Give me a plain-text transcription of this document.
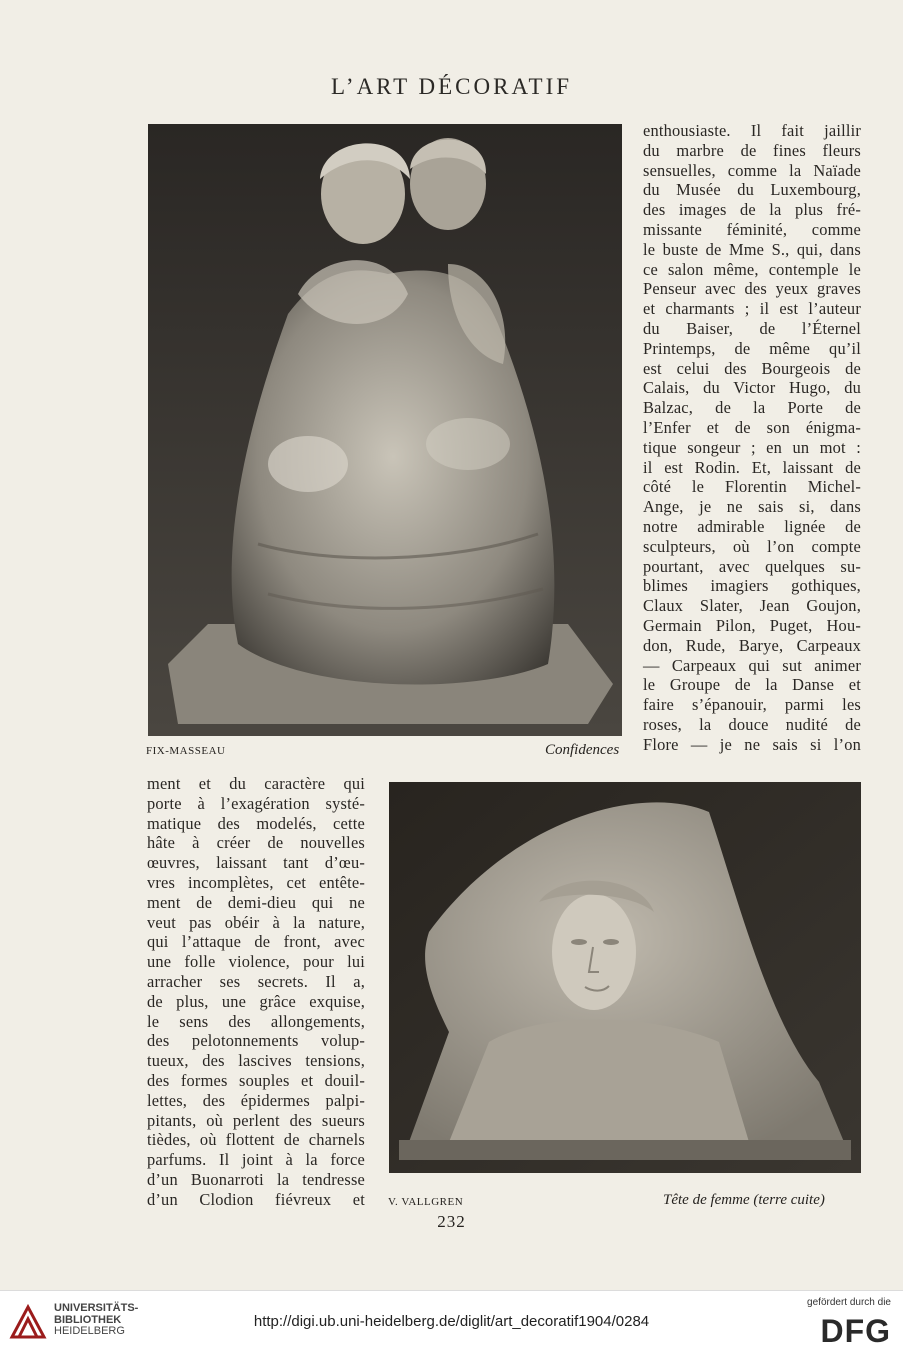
L’ART DÉCORATIF
FIX-MASSEAU	Confidences
enthousiaste. Il fait jaillir
du marbre de fines fleurs
sensuelles, comme la Naïade
du Musée du Luxembourg,
des images de la plus fré-
missante féminité, comme
le buste de Mme S., qui, dans
ce salon même, contemple le
Penseur avec des yeux graves
et charmants ; il est l’auteur
du Baiser, de l’Éternel
Printemps, de même qu’il
est celui des Bourgeois de
Calais, du Victor Hugo, du
Balzac, de la Porte de
l’Enfer et de son énigma-
tique songeur ; en un mot :
il est Rodin. Et, laissant de
côté le Florentin Michel-
Ange, je ne sais si, dans
notre admirable lignée de
sculpteurs, où l’on compte
pourtant, avec quelques su-
blimes imagiers gothiques,
Claux Slater, Jean Goujon,
Germain Pilon, Puget, Hou-
don, Rude, Barye, Carpeaux
— Carpeaux qui sut animer
le Groupe de la Danse et
faire s’épanouir, parmi les
roses, la douce nudité de
Flore — je ne sais si l’on
ment et du caractère qui
porte à l’exagération systé-
matique des modelés, cette
hâte à créer de nouvelles
œuvres, laissant tant d’œu-
vres incomplètes, cet entête-
ment de demi-dieu qui ne
veut pas obéir à la nature,
qui l’attaque de front, avec
une folle violence, pour lui
arracher ses secrets. Il a,
de plus, une grâce exquise,
le sens des allongements,
des pelotonnements volup-
tueux, des lascives tensions,
des formes souples et douil-
lettes, des épidermes palpi-
pitants, où perlent des sueurs
tièdes, où flottent de charnels
parfums. Il joint à la force
d’un Buonarroti la tendresse
d’un Clodion fiévreux et V. VALLGREN	Tête de femme (terre cuite)
232
UNIVERSITÄTS-
BIBLIOTHEK
HEIDELBERG
http://digi.ub.uni-heidelberg.de/diglit/art_decoratif1904/0284
gefördert durch die
DFG
